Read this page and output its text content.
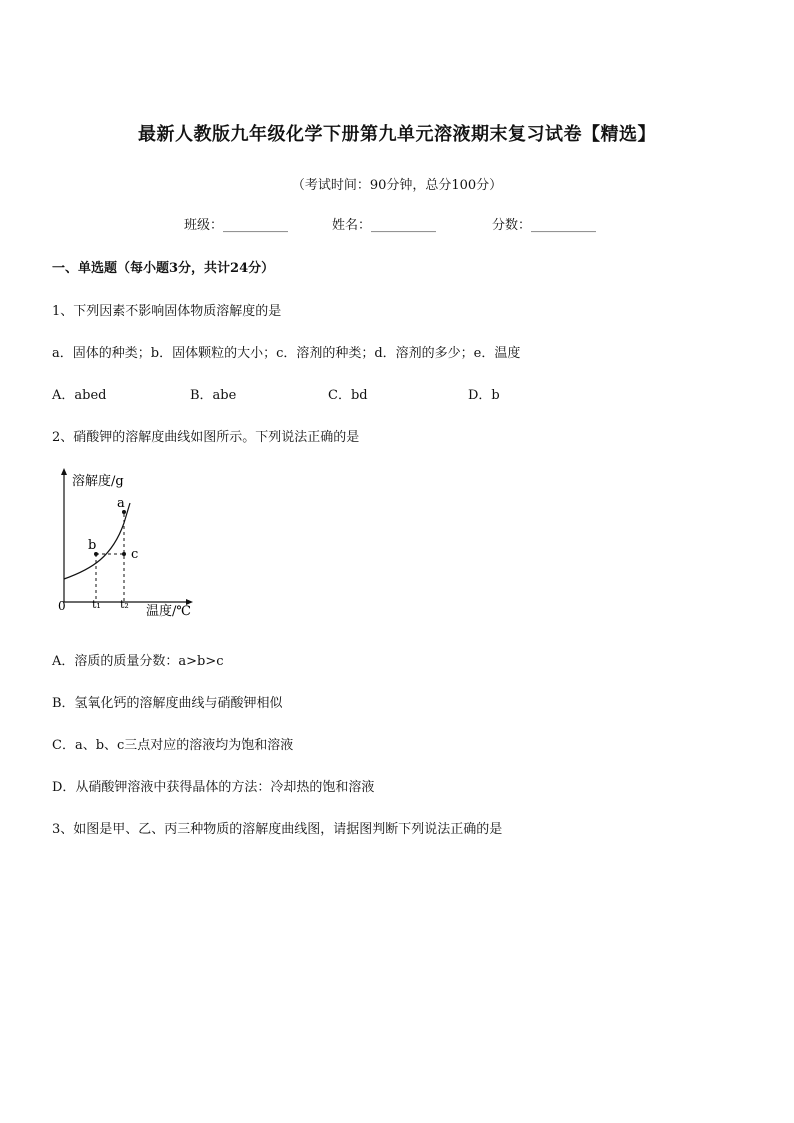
最新人教版九年级化学下册第九单元溶液期末复习试卷【精选】
（考试时间：90分钟，总分100分）
班级：__________	姓名：__________	分数：__________
一、单选题（每小题3分，共计24分）
1、下列因素不影响固体物质溶解度的是
a．固体的种类；b．固体颗粒的大小；c．溶剂的种类；d．溶剂的多少；e．温度
A．abed	B．abe	C．bd	D．b
2、硝酸钾的溶解度曲线如图所示。下列说法正确的是
溶解度/g
温度/℃
0 t₁ t₂
a
b
c
A．溶质的质量分数：a>b>c
B．氢氧化钙的溶解度曲线与硝酸钾相似
C．a、b、c三点对应的溶液均为饱和溶液
D．从硝酸钾溶液中获得晶体的方法：冷却热的饱和溶液
3、如图是甲、乙、丙三种物质的溶解度曲线图，请据图判断下列说法正确的是
